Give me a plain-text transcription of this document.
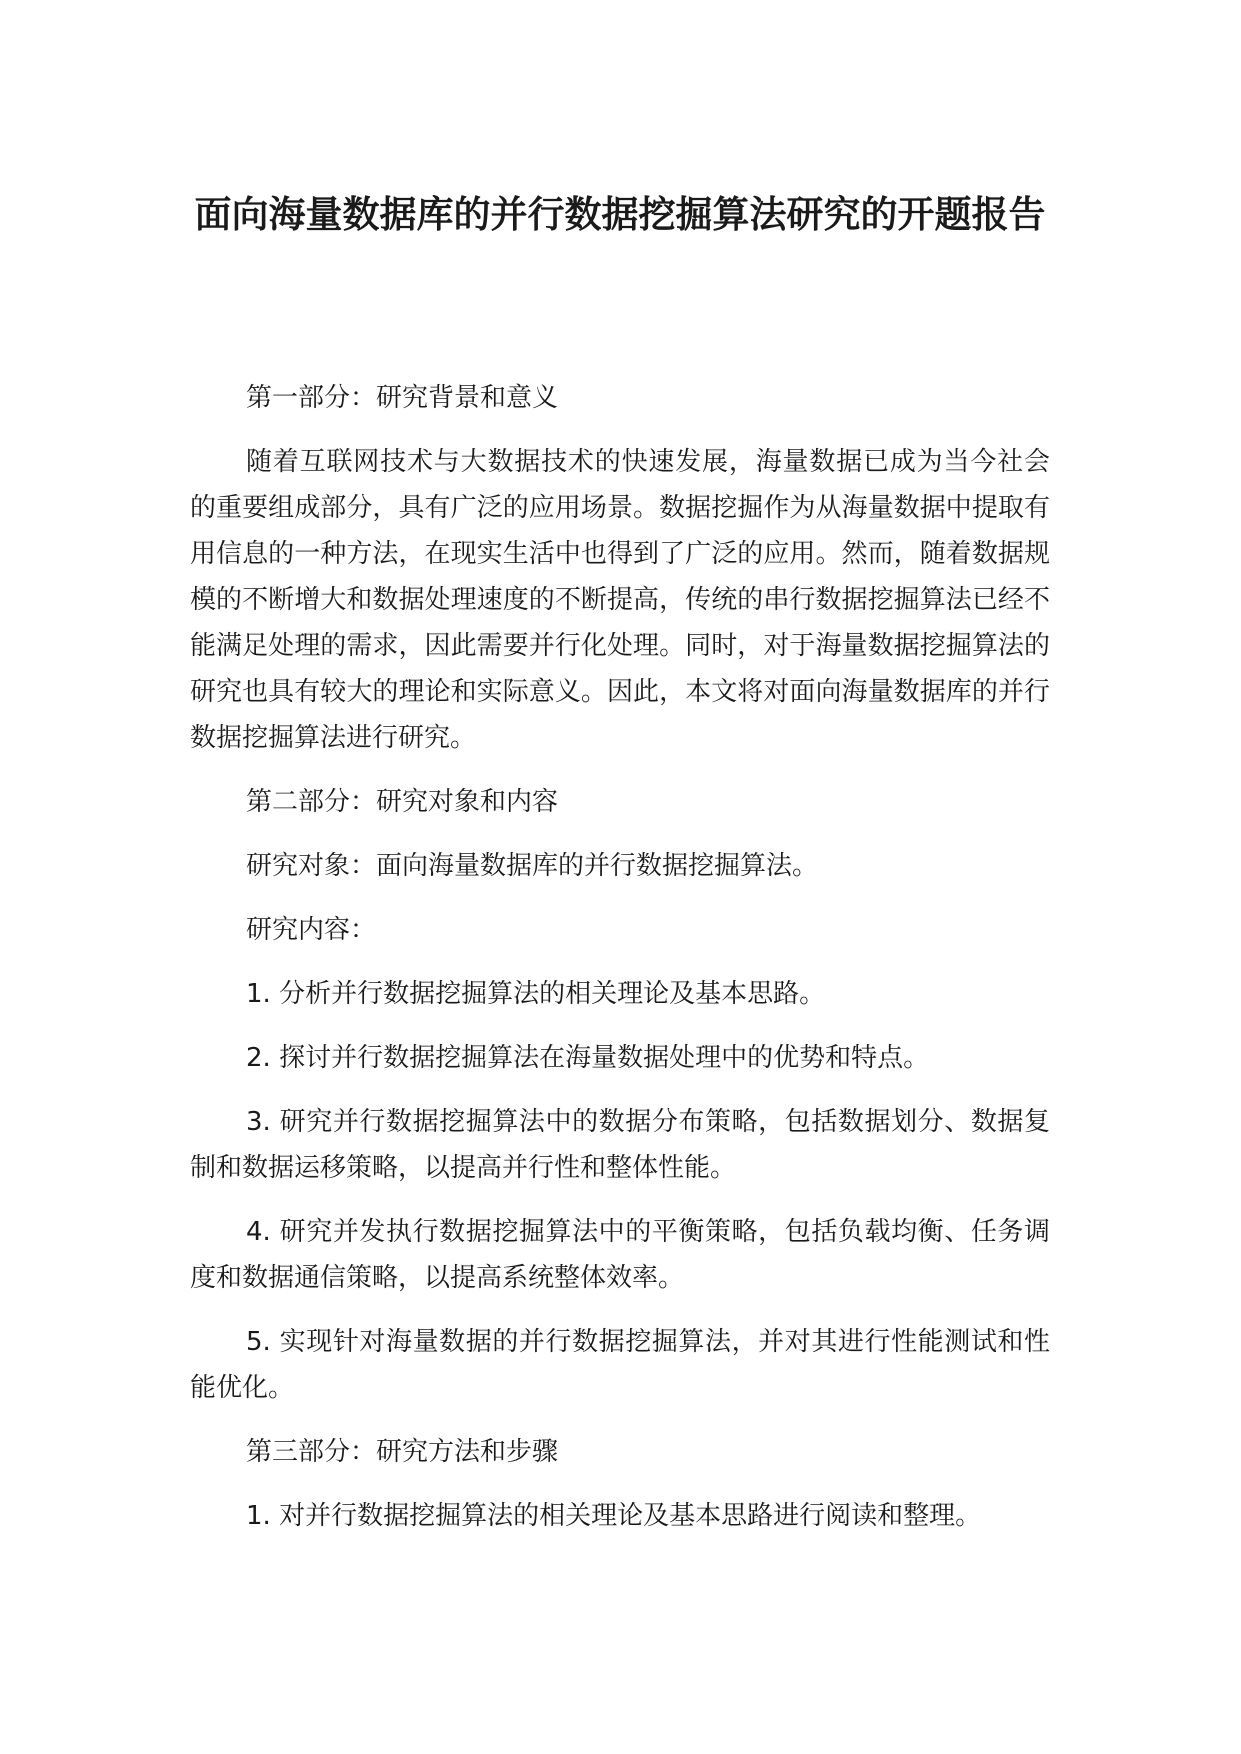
面向海量数据库的并行数据挖掘算法研究的开题报告

第一部分：研究背景和意义

随着互联网技术与大数据技术的快速发展，海量数据已成为当今社会的重要组成部分，具有广泛的应用场景。数据挖掘作为从海量数据中提取有用信息的一种方法，在现实生活中也得到了广泛的应用。然而，随着数据规模的不断增大和数据处理速度的不断提高，传统的串行数据挖掘算法已经不能满足处理的需求，因此需要并行化处理。同时，对于海量数据挖掘算法的研究也具有较大的理论和实际意义。因此，本文将对面向海量数据库的并行数据挖掘算法进行研究。

第二部分：研究对象和内容

研究对象：面向海量数据库的并行数据挖掘算法。

研究内容：

1. 分析并行数据挖掘算法的相关理论及基本思路。

2. 探讨并行数据挖掘算法在海量数据处理中的优势和特点。

3. 研究并行数据挖掘算法中的数据分布策略，包括数据划分、数据复制和数据运移策略，以提高并行性和整体性能。

4. 研究并发执行数据挖掘算法中的平衡策略，包括负载均衡、任务调度和数据通信策略，以提高系统整体效率。

5. 实现针对海量数据的并行数据挖掘算法，并对其进行性能测试和性能优化。

第三部分：研究方法和步骤

1. 对并行数据挖掘算法的相关理论及基本思路进行阅读和整理。
